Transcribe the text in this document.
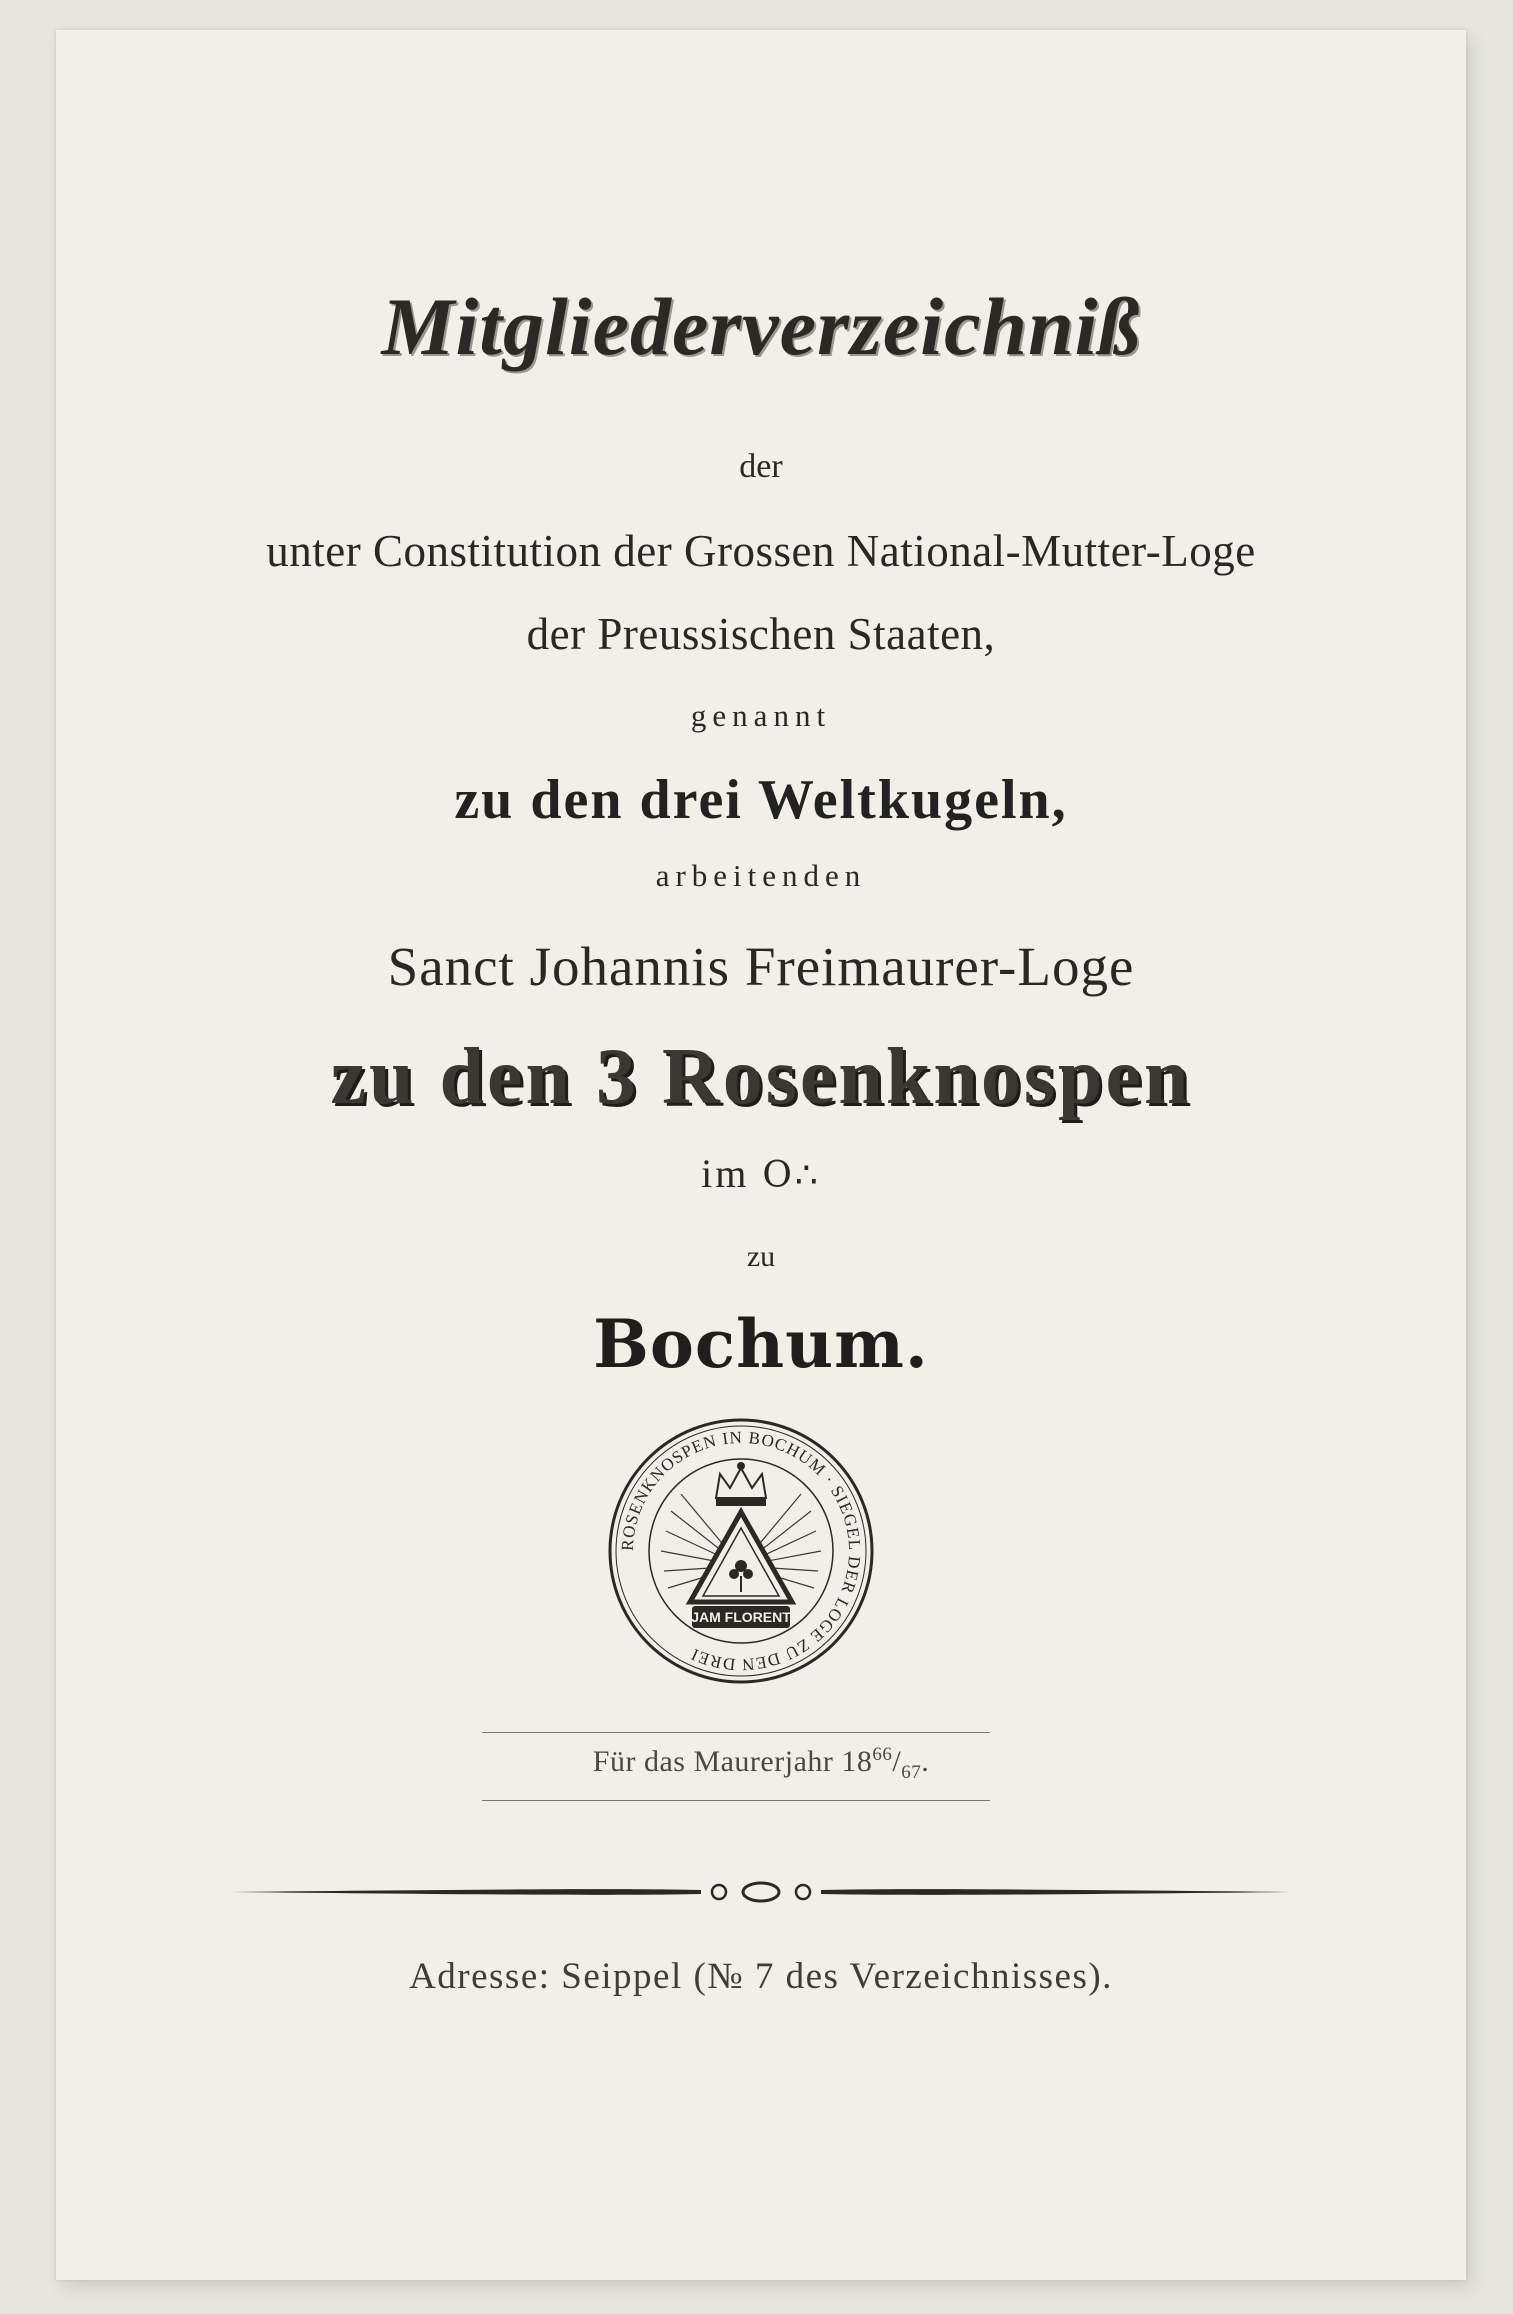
Mitgliederverzeichniß
der
unter Constitution der Grossen National-Mutter-Loge
der Preussischen Staaten,
genannt
zu den drei Weltkugeln,
arbeitenden
Sanct Johannis Freimaurer-Loge
zu den 3 Rosenknospen
im O∴
zu
Bochum.
ROSENKNOSPEN IN BOCHUM · SIEGEL DER LOGE ZU DEN DREI
JAM FLORENT
Für das Maurerjahr $18^{66}/_{67}$.
Adresse: Seippel (№ 7 des Verzeichnisses).
